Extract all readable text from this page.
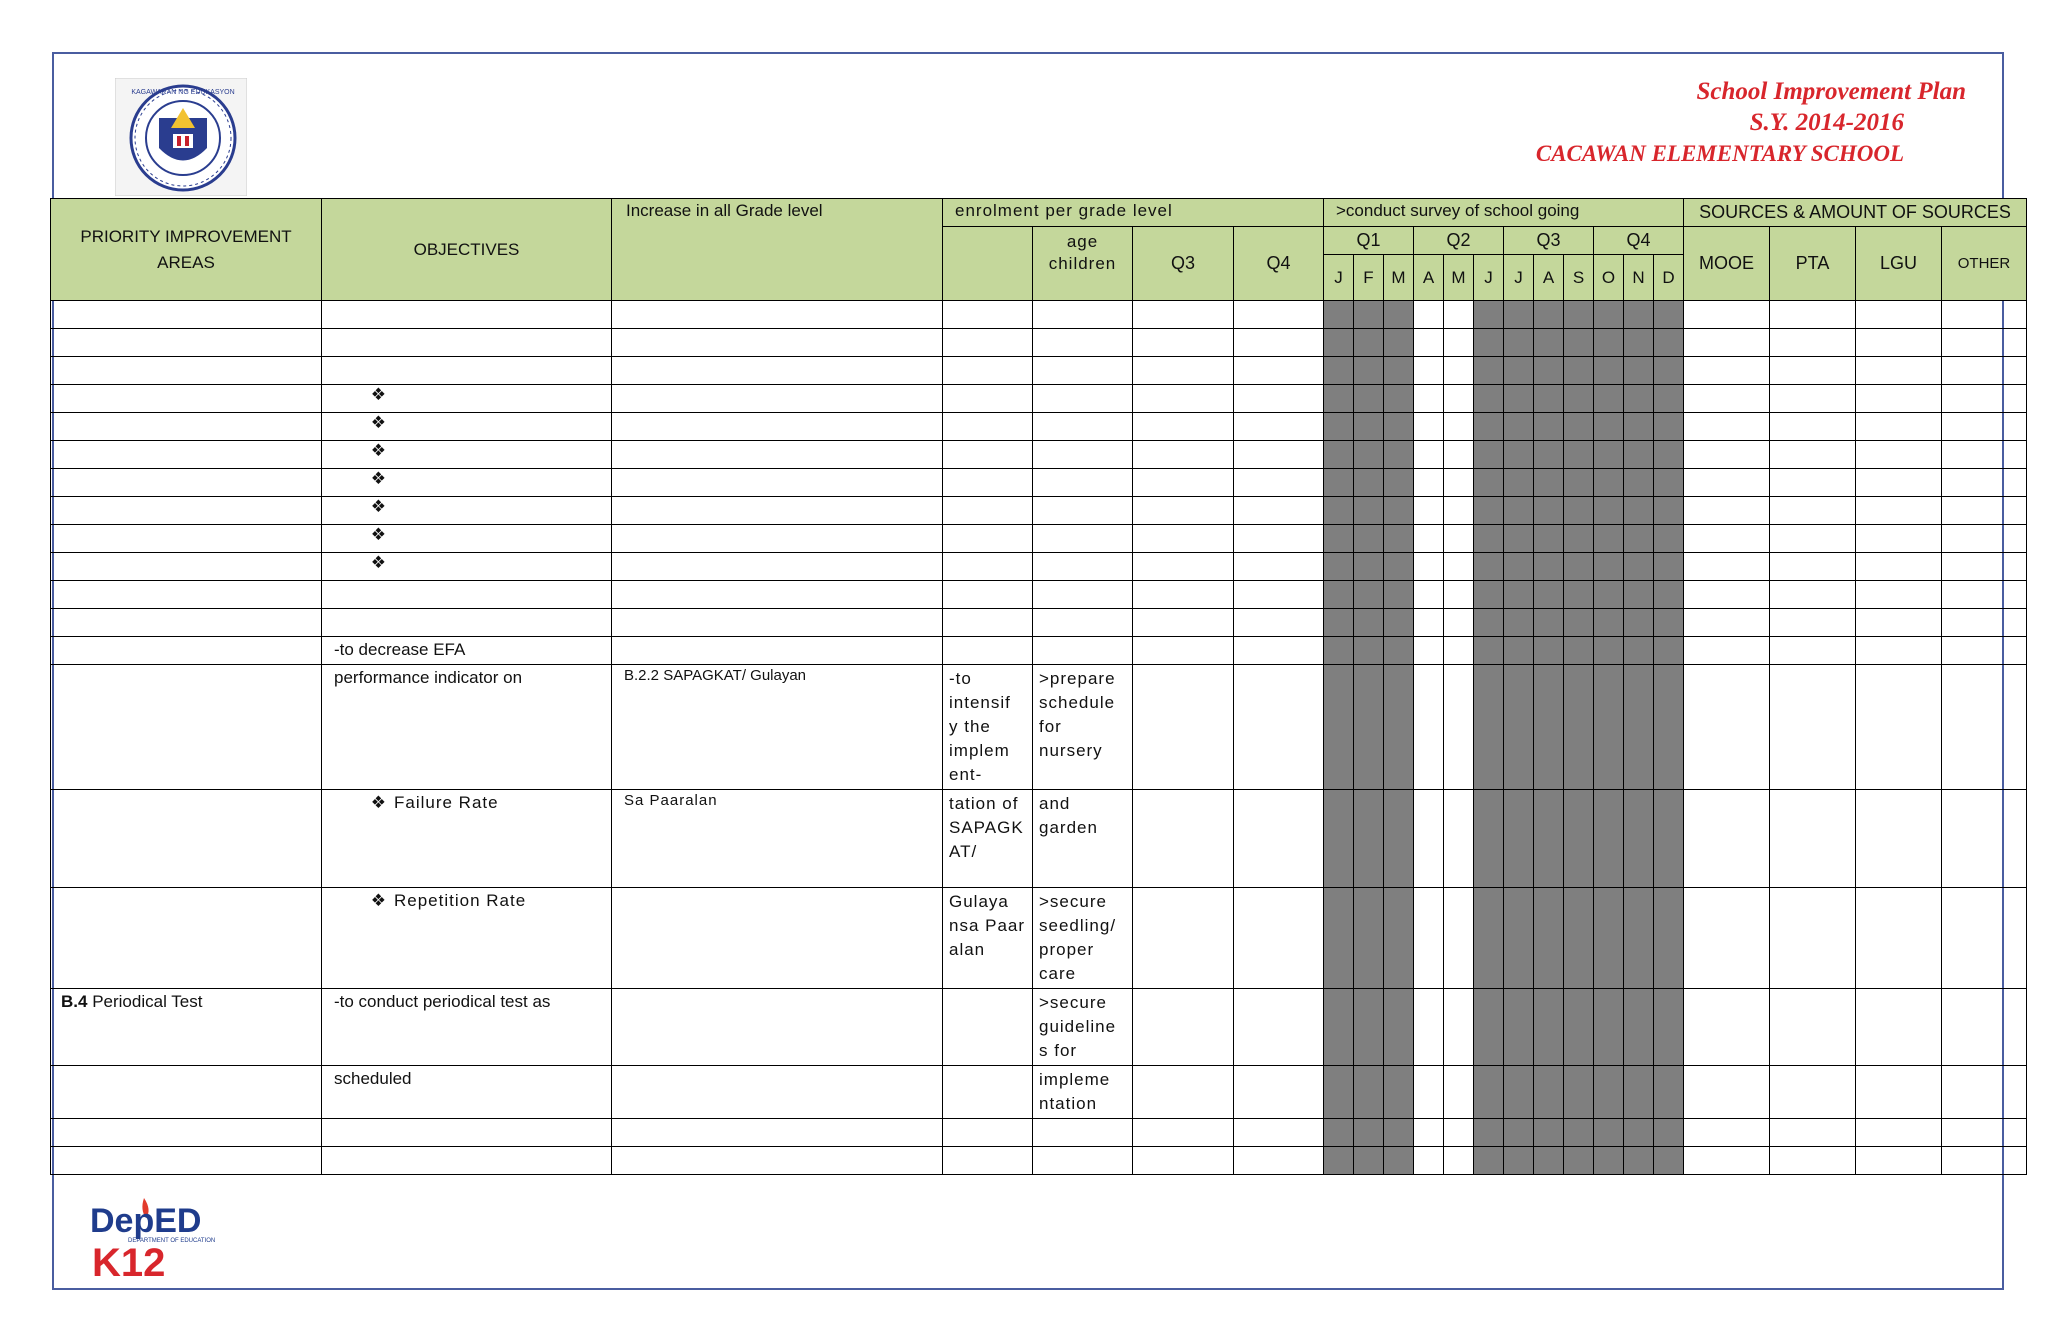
KAGAWARAN NG EDUKASYON	School Improvement Plan
S.Y. 2014-2016
CACAWAN ELEMENTARY SCHOOL
PRIORITY IMPROVEMENT AREAS	OBJECTIVES	Increase in all Grade level	enrolment per grade level				>conduct survey of school going												SOURCES & AMOUNT OF SOURCES			
				age children	Q3	Q4	Q1			Q2			Q3			Q4			MOOE	PTA	LGU	OTHER
							J	F	M	A	M	J	J	A	S	O	N	D				

	❖																					
	❖																					
	❖																					
	❖																					
	❖																					
	❖																					
	❖																					

	-to decrease EFA																					

	performance indicator on	B.2.2 SAPAGKAT/ Gulayan	-to intensif y the implem ent-	>prepare schedule for nursery																		
	❖ Failure Rate	Sa Paaralan	tation of SAPAGK AT/	and garden																		
	❖ Repetition Rate		Gulaya nsa Paar alan	>secure seedling/ proper care																		
B.4 Periodical Test	-to conduct periodical test as			>secure guideline s for																		

	scheduled			impleme ntation																		

DepED
DEPARTMENT OF EDUCATION
K12
